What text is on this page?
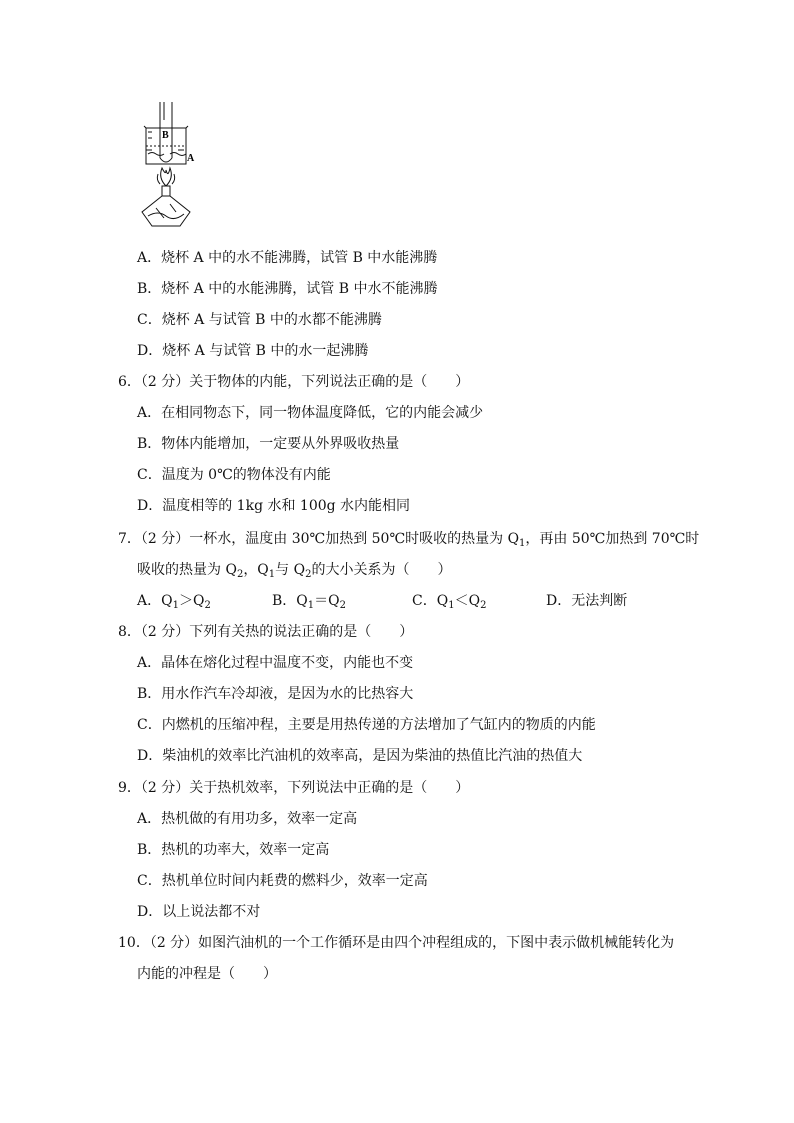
B
A
A．烧杯 A 中的水不能沸腾，试管 B 中水能沸腾
B．烧杯 A 中的水能沸腾，试管 B 中水不能沸腾
C．烧杯 A 与试管 B 中的水都不能沸腾
D．烧杯 A 与试管 B 中的水一起沸腾
6．（2 分）关于物体的内能，下列说法正确的是（　　）
A．在相同物态下，同一物体温度降低，它的内能会减少
B．物体内能增加，一定要从外界吸收热量
C．温度为 0℃的物体没有内能
D．温度相等的 1kg 水和 100g 水内能相同
7．（2 分）一杯水，温度由 30℃加热到 50℃时吸收的热量为 $Q_1$，再由 50℃加热到 70℃时
吸收的热量为 $Q_2$，$Q_1$与 $Q_2$的大小关系为（　　）
A．$Q_1>Q_2$	B．$Q_1=Q_2$	C．$Q_1<Q_2$	D．无法判断
8．（2 分）下列有关热的说法正确的是（　　）
A．晶体在熔化过程中温度不变，内能也不变
B．用水作汽车冷却液，是因为水的比热容大
C．内燃机的压缩冲程，主要是用热传递的方法增加了气缸内的物质的内能
D．柴油机的效率比汽油机的效率高，是因为柴油的热值比汽油的热值大
9．（2 分）关于热机效率，下列说法中正确的是（　　）
A．热机做的有用功多，效率一定高
B．热机的功率大，效率一定高
C．热机单位时间内耗费的燃料少，效率一定高
D．以上说法都不对
10．（2 分）如图汽油机的一个工作循环是由四个冲程组成的，下图中表示做机械能转化为
内能的冲程是（　　）
